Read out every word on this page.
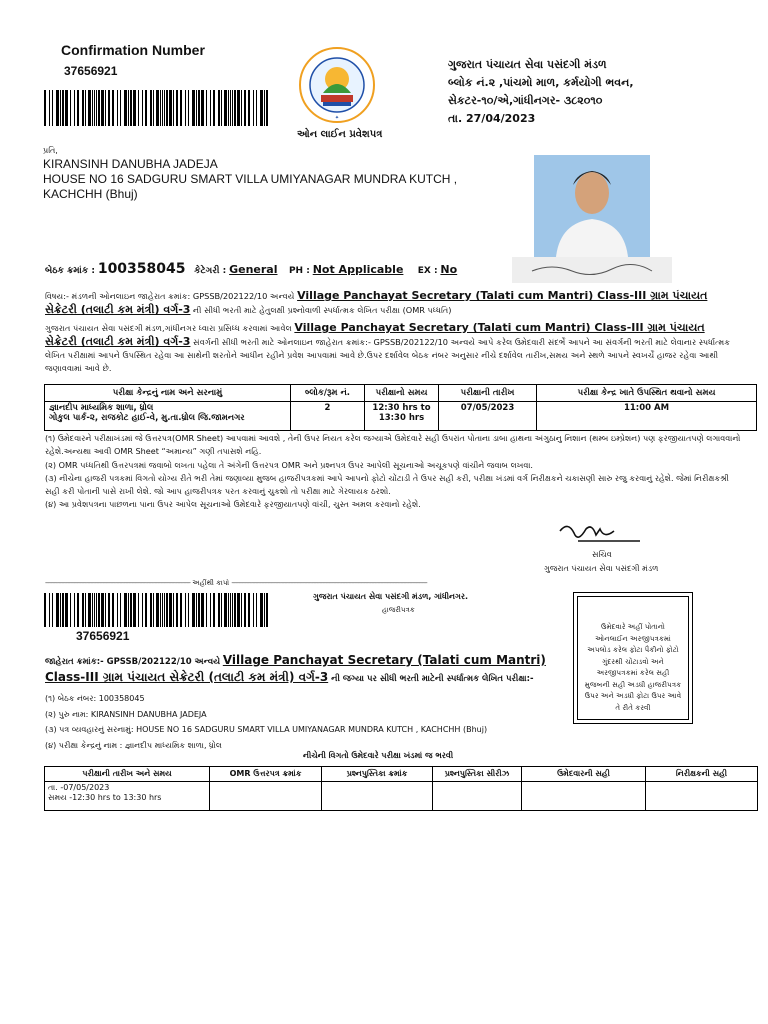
Confirmation Number
37656921
✦
ગુજરાત પંચાયત સેવા પસંદગી મંડળ
બ્લોક નં.૨ ,પાંચમો માળ, કર્મયોગી ભવન,
સેકટર-૧૦/એ,ગાંધીનગર- ૩૮૨૦૧૦
તા. 27/04/2023
ઓન લાઈન પ્રવેશપત્ર
પ્રતિ,
KIRANSINH DANUBHA JADEJA
HOUSE NO 16 SADGURU SMART VILLA UMIYANAGAR MUNDRA KUTCH ,
KACHCHH (Bhuj)
બેઠક ક્રમાંક : 100358045 કેટેગરી : General PH : Not Applicable EX : No
વિષય:- મંડળની ઓનલાઇન જાહેરાત ક્રમાંક: GPSSB/202122/10 અન્વયે Village Panchayat Secretary (Talati cum Mantri) Class-III ગ્રામ પંચાયત સેક્રેટરી (તલાટી કમ મંત્રી) વર્ગ-3 ની સીધી ભરતી માટે હેતુલક્ષી પ્રશ્નોવાળી સ્પર્ધાત્મક લેખિત પરીક્ષા (OMR પધ્ધતિ)
ગુજરાત પંચાયત સેવા પસંદગી મંડળ,ગાંધીનગર ધ્વારા પ્રસિધ્ધ કરવામાં આવેલ Village Panchayat Secretary (Talati cum Mantri) Class-III ગ્રામ પંચાયત સેક્રેટરી (તલાટી કમ મંત્રી) વર્ગ-3 સંવર્ગની સીધી ભરતી માટે ઓનલાઇન જાહેરાત ક્રમાંક:- GPSSB/202122/10 અન્વયે આપે કરેલ ઉમેદવારી સંદર્ભે આપને આ સંવર્ગની ભરતી માટે લેવાનાર સ્પર્ધાત્મક લેખિત પરીક્ષામાં આપને ઉપસ્થિત રહેવા આ સાથેની શરતોને આધીન રહીને પ્રવેશ આપવામાં આવે છે.ઉપર દર્શાવેલ બેઠક નંબર અનુસાર નીચે દર્શાવેલ તારીખ,સમય અને સ્થળે આપને સ્વખર્ચે હાજર રહેવા આથી જણાવવામાં આવે છે.
પરીક્ષા કેન્દ્રનું નામ અને સરનામું	બ્લોક/રૂમ નં.	પરીક્ષાનો સમય	પરીક્ષાની તારીખ	પરીક્ષા કેન્દ્ર ખાતે ઉપસ્થિત થવાનો સમય

જ્ઞાનદીપ માધ્યમિક શાળા, ધ્રોલ
ગોકુલ પાર્ક-૨, રાજકોટ હાઈ-વે, મુ.તા.ધ્રોલ જિ.જામનગર	2	12:30 hrs to 13:30 hrs	07/05/2023	11:00 AM
(૧) ઉમેદવારને પરીક્ષાખંડમાં જે ઉત્તરપત્ર(OMR Sheet) આપવામાં આવશે , તેની ઉપર નિયત કરેલ જગ્યાએ ઉમેદવારે સહી ઉપરાંત પોતાના ડાબા હાથના અંગુઠાનુ નિશાન (થમ્બ ઇમ્પ્રેશન) પણ ફરજીયાતપણે લગાવવાનો રહેશે.અન્યથા આવી OMR Sheet “અમાન્ય” ગણી તપાસશે નહિ.
(૨) OMR પધ્ધતિથી ઉત્તરપત્રમાં જવાબો લખતા પહેલા તે અંગેની ઉત્તરપત્ર OMR અને પ્રશ્નપત્ર ઉપર આપેલી સૂચનાઓ અચૂકપણે વાંચીને જવાબ લખવા.
(૩) નીચેના હાજરી પત્રકમાં વિગતો યોગ્ય રીતે ભરી તેમાં જણાવ્યા મુજબ હાજરીપત્રકમાં આપે આપનો ફોટો ચોંટાડી તે ઉપર સહી કરી, પરીક્ષા ખંડમાં વર્ગ નિરીક્ષકને ચકાસણી સારુ રજુ કરવાનું રહેશે. જેમાં નિરીક્ષકશ્રી સહી કરી પોતાની પાસે રાખી લેશે. જો આપ હાજરીપત્રક પરત કરવાનું ચુકશો તો પરીક્ષા માટે ગેરલાયક ઠરશો.
(૪) આ પ્રવેશપત્રના પાછળના પાના ઉપર આપેલ સૂચનાઓ ઉમેદવારે ફરજીયાતપણે વાંચી, ચુસ્ત અમલ કરવાનો રહેશે.
સચિવ
ગુજરાત પંચાયત સેવા પસંદગી મંડળ
----------------------------------------------------------------------------------------------- અહીંથી કાપો --------------------------------------------------------------------------------------------------------------------------------
37656921
ગુજરાત પંચાયત સેવા પસંદગી મંડળ, ગાંધીનગર.
હાજરીપત્રક
ઉમેદવારે અહીં પોતાનો ઓનલાઈન અરજીપત્રકમાં અપલોડ કરેલ ફોટા પૈકીનો ફોટો ગુંદરથી ચોંટાડવો અને અરજીપત્રકમાં કરેલ સહી મુજબની સહી અડધી હાજરીપત્રક ઉપર અને અડધી ફોટા ઉપર આવે તે રીતે કરવી
જાહેરાત ક્રમાંક:- GPSSB/202122/10 અન્વયે Village Panchayat Secretary (Talati cum Mantri) Class-III ગ્રામ પંચાયત સેક્રેટરી (તલાટી કમ મંત્રી) વર્ગ-3 ની જગ્યા પર સીધી ભરતી માટેની સ્પર્ધાત્મક લેખિત પરીક્ષા:-
(૧) બેઠક નંબર: 100358045
(૨) પુરુ નામ: KIRANSINH DANUBHA JADEJA
(૩) પત્ર વ્યવહારનું સરનામું: HOUSE NO 16 SADGURU SMART VILLA UMIYANAGAR MUNDRA KUTCH , KACHCHH (Bhuj)
(૪) પરીક્ષા કેન્દ્રનું નામ : જ્ઞાનદીપ માધ્યમિક શાળા, ધ્રોલ
નીચેની વિગતો ઉમેદવારે પરીક્ષા ખંડમાં જ ભરવી
પરીક્ષાની તારીખ અને સમય	OMR ઉત્તરપત્ર ક્રમાંક	પ્રશ્નપુસ્તિકા ક્રમાંક	પ્રશ્નપુસ્તિકા સીરીઝ	ઉમેદવારની સહી	નિરીક્ષકની સહી

તા. -07/05/2023
સમય -12:30 hrs to 13:30 hrs					
